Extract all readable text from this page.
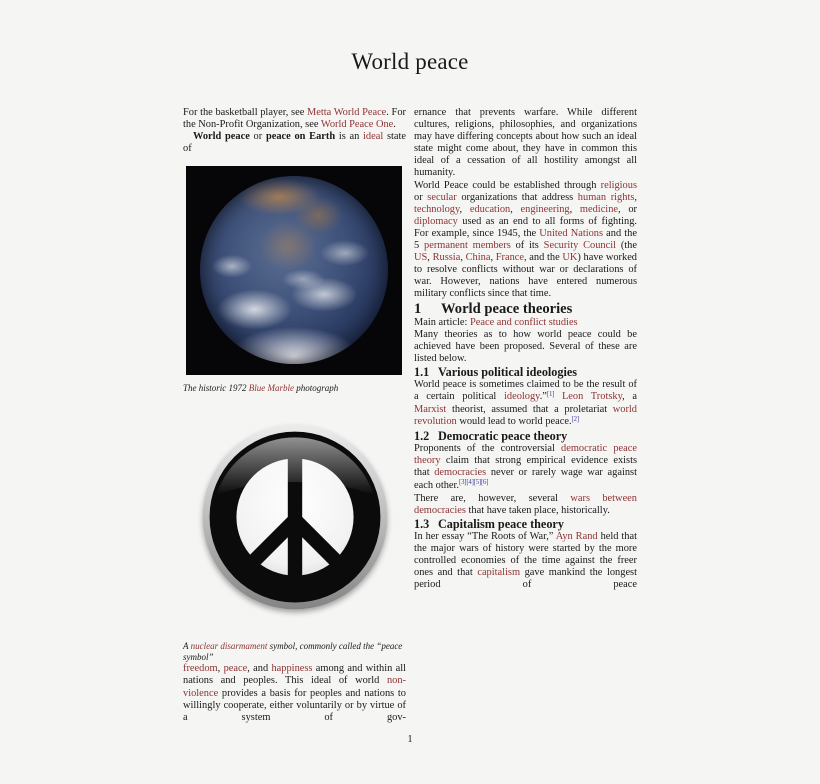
World peace

For the basketball player, see Metta World Peace. For the Non-Profit Organization, see World Peace One.

World peace or peace on Earth is an ideal state of

The historic 1972 Blue Marble photograph
A nuclear disarmament symbol, commonly called the “peace symbol”

freedom, peace, and happiness among and within all nations and peoples. This ideal of world non-violence provides a basis for peoples and nations to willingly cooperate, either voluntarily or by virtue of a system of gov-

ernance that prevents warfare. While different cultures, religions, philosophies, and organizations may have differing concepts about how such an ideal state might come about, they have in common this ideal of a cessation of all hostility amongst all humanity.

World Peace could be established through religious or secular organizations that address human rights, technology, education, engineering, medicine, or diplomacy used as an end to all forms of fighting. For example, since 1945, the United Nations and the 5 permanent members of its Security Council (the US, Russia, China, France, and the UK) have worked to resolve conflicts without war or declarations of war. However, nations have entered numerous military conflicts since that time.

1 World peace theories

Main article: Peace and conflict studies

Many theories as to how world peace could be achieved have been proposed. Several of these are listed below.

1.1 Various political ideologies

World peace is sometimes claimed to be the result of a certain political ideology.”[1] Leon Trotsky, a Marxist theorist, assumed that a proletariat world revolution would lead to world peace.[2]

1.2 Democratic peace theory

Proponents of the controversial democratic peace theory claim that strong empirical evidence exists that democracies never or rarely wage war against each other.[3][4][5][6]

There are, however, several wars between democracies that have taken place, historically.

1.3 Capitalism peace theory

In her essay “The Roots of War,” Ayn Rand held that the major wars of history were started by the more controlled economies of the time against the freer ones and that capitalism gave mankind the longest period of peace

1
